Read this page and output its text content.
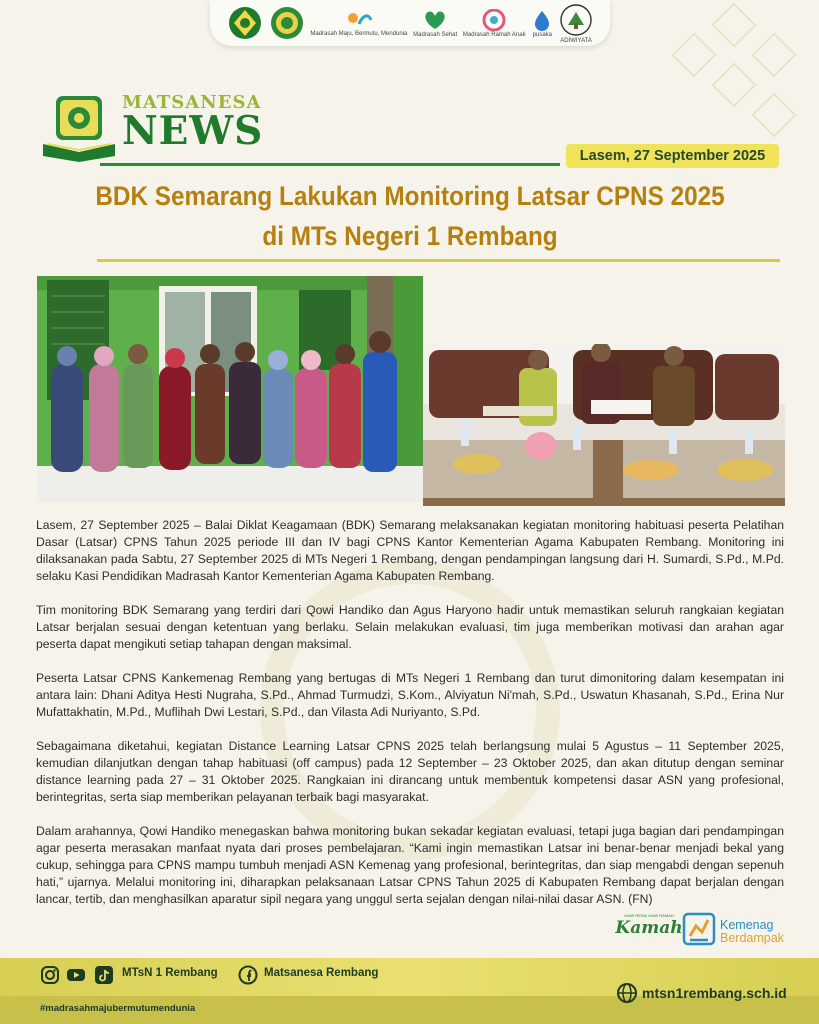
Madrasah Maju, Bermutu, Mendunia Madrasah Sehat Madrasah Ramah Anak pusaka
ADIWIYATA
MATSANESA
NEWS
Lasem, 27 September 2025
BDK Semarang Lakukan Monitoring Latsar CPNS 2025
di MTs Negeri 1 Rembang

Lasem, 27 September 2025 – Balai Diklat Keagamaan (BDK) Semarang melaksanakan kegiatan monitoring habituasi peserta Pelatihan Dasar (Latsar) CPNS Tahun 2025 periode III dan IV bagi CPNS Kantor Kementerian Agama Kabupaten Rembang. Monitoring ini dilaksanakan pada Sabtu, 27 September 2025 di MTs Negeri 1 Rembang, dengan pendampingan langsung dari H. Sumardi, S.Pd., M.Pd. selaku Kasi Pendidikan Madrasah Kantor Kementerian Agama Kabupaten Rembang.

Tim monitoring BDK Semarang yang terdiri dari Qowi Handiko dan Agus Haryono hadir untuk memastikan seluruh rangkaian kegiatan Latsar berjalan sesuai dengan ketentuan yang berlaku. Selain melakukan evaluasi, tim juga memberikan motivasi dan arahan agar peserta dapat mengikuti setiap tahapan dengan maksimal.

Peserta Latsar CPNS Kankemenag Rembang yang bertugas di MTs Negeri 1 Rembang dan turut dimonitoring dalam kesempatan ini antara lain: Dhani Aditya Hesti Nugraha, S.Pd., Ahmad Turmudzi, S.Kom., Alviyatun Ni'mah, S.Pd., Uswatun Khasanah, S.Pd., Erina Nur Mufattakhatin, M.Pd., Muflihah Dwi Lestari, S.Pd., dan Vilasta Adi Nuriyanto, S.Pd.

Sebagaimana diketahui, kegiatan Distance Learning Latsar CPNS 2025 telah berlangsung mulai 5 Agustus – 11 September 2025, kemudian dilanjutkan dengan tahap habituasi (off campus) pada 12 September – 23 Oktober 2025, dan akan ditutup dengan seminar distance learning pada 27 – 31 Oktober 2025. Rangkaian ini dirancang untuk membentuk kompetensi dasar ASN yang profesional, berintegritas, serta siap memberikan pelayanan terbaik bagi masyarakat.

Dalam arahannya, Qowi Handiko menegaskan bahwa monitoring bukan sekadar kegiatan evaluasi, tetapi juga bagian dari pendampingan agar peserta merasakan manfaat nyata dari proses pembelajaran. “Kami ingin memastikan Latsar ini benar-benar menjadi bekal yang cukup, sehingga para CPNS mampu tumbuh menjadi ASN Kemenag yang profesional, berintegritas, dan siap mengabdi dengan sepenuh hati,” ujarnya. Melalui monitoring ini, diharapkan pelaksanaan Latsar CPNS Tahun 2025 di Kabupaten Rembang dapat berjalan dengan lancar, tertib, dan menghasilkan aparatur sipil negara yang unggul serta sejalan dengan nilai-nilai dasar ASN. (FN)

KAMI RESIK KAMI RAMAH
Kamah	Kemenag
Berdampak
MTsN 1 Rembang	Matsanesa Rembang
#madrasahmajubermutumendunia
mtsn1rembang.sch.id
